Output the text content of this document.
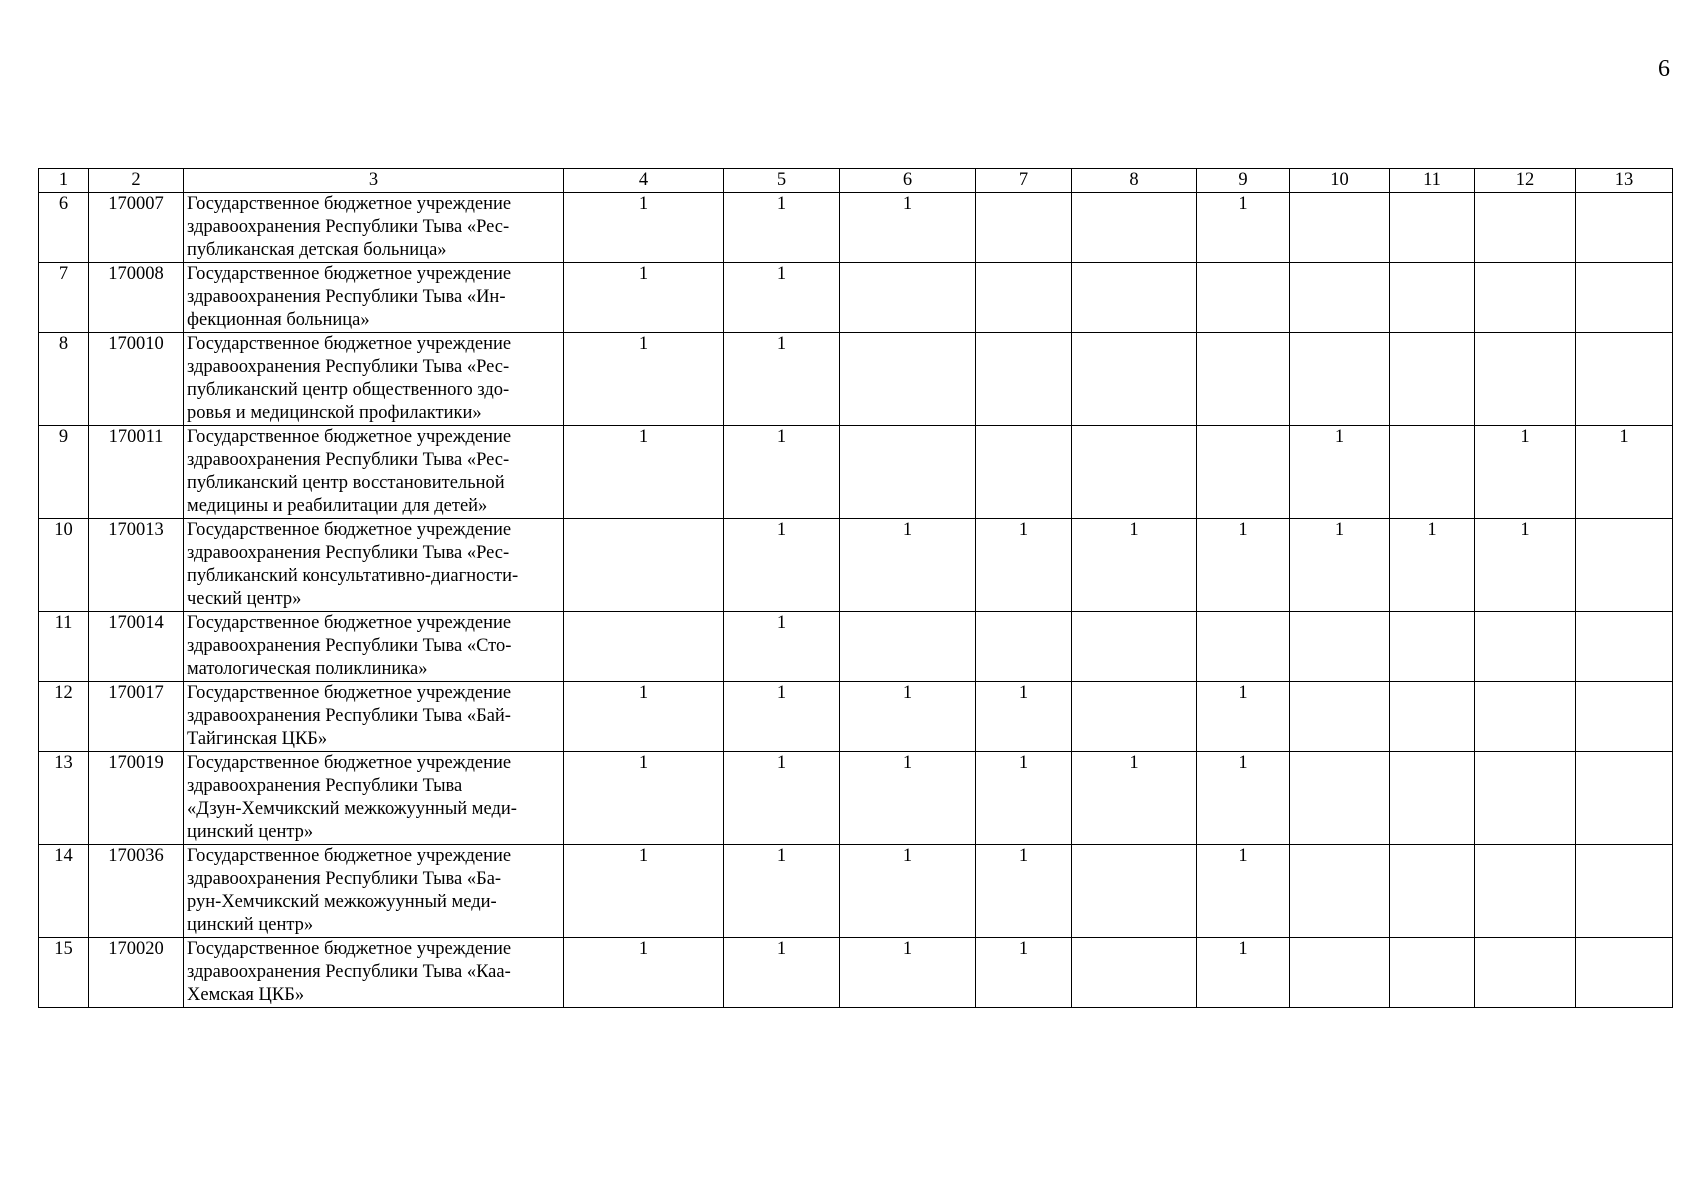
6
1	2	3	4	5	6	7	8	9	10	11	12	13
6	170007	Государственное бюджетное учреждение
здравоохранения Республики Тыва «Рес-
публиканская детская больница»	1	1	1			1				
7	170008	Государственное бюджетное учреждение
здравоохранения Республики Тыва «Ин-
фекционная больница»	1	1								
8	170010	Государственное бюджетное учреждение
здравоохранения Республики Тыва «Рес-
публиканский центр общественного здо-
ровья и медицинской профилактики»	1	1								
9	170011	Государственное бюджетное учреждение
здравоохранения Республики Тыва «Рес-
публиканский центр восстановительной
медицины и реабилитации для детей»	1	1					1		1	1
10	170013	Государственное бюджетное учреждение
здравоохранения Республики Тыва «Рес-
публиканский консультативно-диагности-
ческий центр»		1	1	1	1	1	1	1	1	
11	170014	Государственное бюджетное учреждение
здравоохранения Республики Тыва «Сто-
матологическая поликлиника»		1								
12	170017	Государственное бюджетное учреждение
здравоохранения Республики Тыва «Бай-
Тайгинская ЦКБ»	1	1	1	1		1				
13	170019	Государственное бюджетное учреждение
здравоохранения Республики Тыва
«Дзун-Хемчикский межкожуунный меди-
цинский центр»	1	1	1	1	1	1				
14	170036	Государственное бюджетное учреждение
здравоохранения Республики Тыва «Ба-
рун-Хемчикский межкожуунный меди-
цинский центр»	1	1	1	1		1				
15	170020	Государственное бюджетное учреждение
здравоохранения Республики Тыва «Каа-
Хемская ЦКБ»	1	1	1	1		1				
